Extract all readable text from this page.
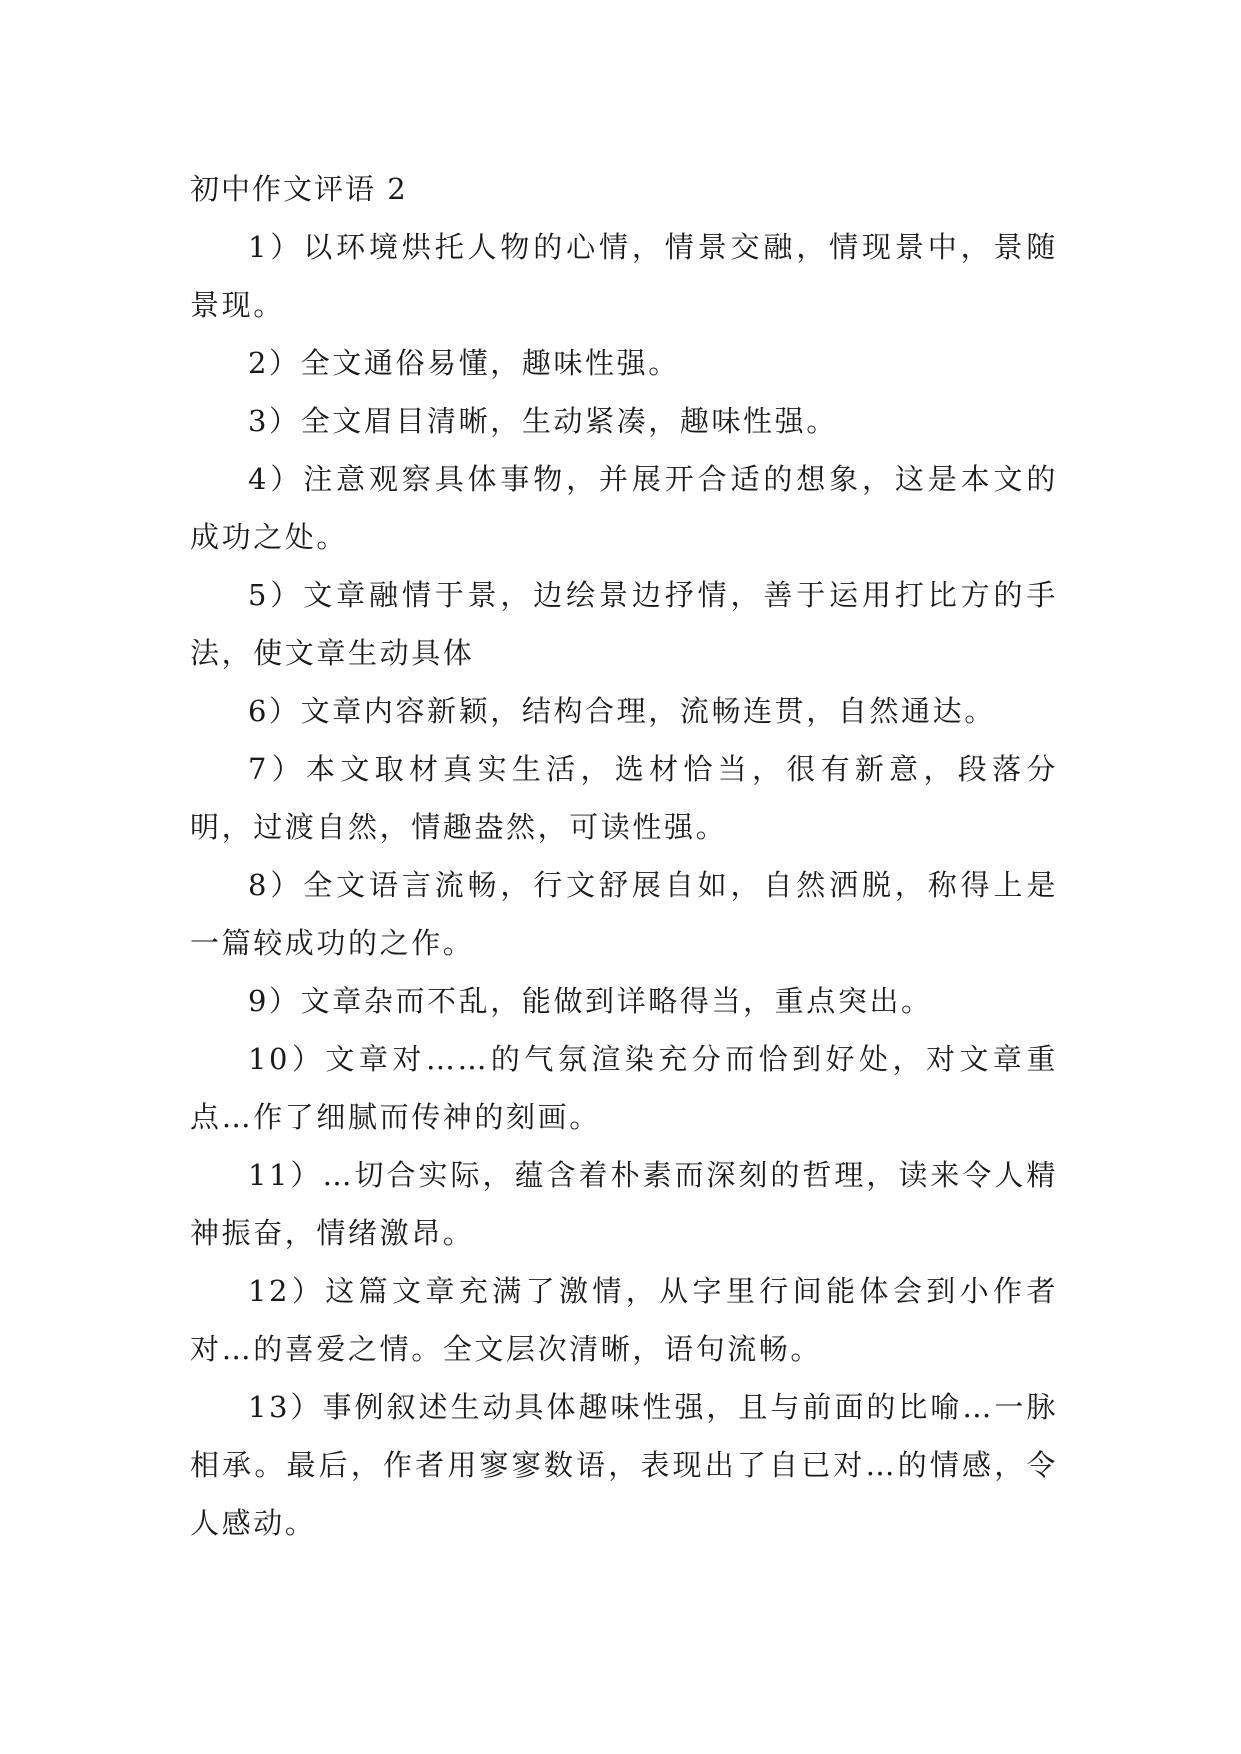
初中作文评语 2

1）以环境烘托人物的心情，情景交融，情现景中，景随景现。

2）全文通俗易懂，趣味性强。

3）全文眉目清晰，生动紧凑，趣味性强。

4）注意观察具体事物，并展开合适的想象，这是本文的成功之处。

5）文章融情于景，边绘景边抒情，善于运用打比方的手法，使文章生动具体

6）文章内容新颖，结构合理，流畅连贯，自然通达。

7）本文取材真实生活，选材恰当，很有新意，段落分明，过渡自然，情趣盎然，可读性强。

8）全文语言流畅，行文舒展自如，自然洒脱，称得上是一篇较成功的之作。

9）文章杂而不乱，能做到详略得当，重点突出。

10）文章对……的气氛渲染充分而恰到好处，对文章重点…作了细腻而传神的刻画。

11）…切合实际，蕴含着朴素而深刻的哲理，读来令人精神振奋，情绪激昂。

12）这篇文章充满了激情，从字里行间能体会到小作者对…的喜爱之情。全文层次清晰，语句流畅。

13）事例叙述生动具体趣味性强，且与前面的比喻…一脉相承。最后，作者用寥寥数语，表现出了自已对…的情感，令人感动。
